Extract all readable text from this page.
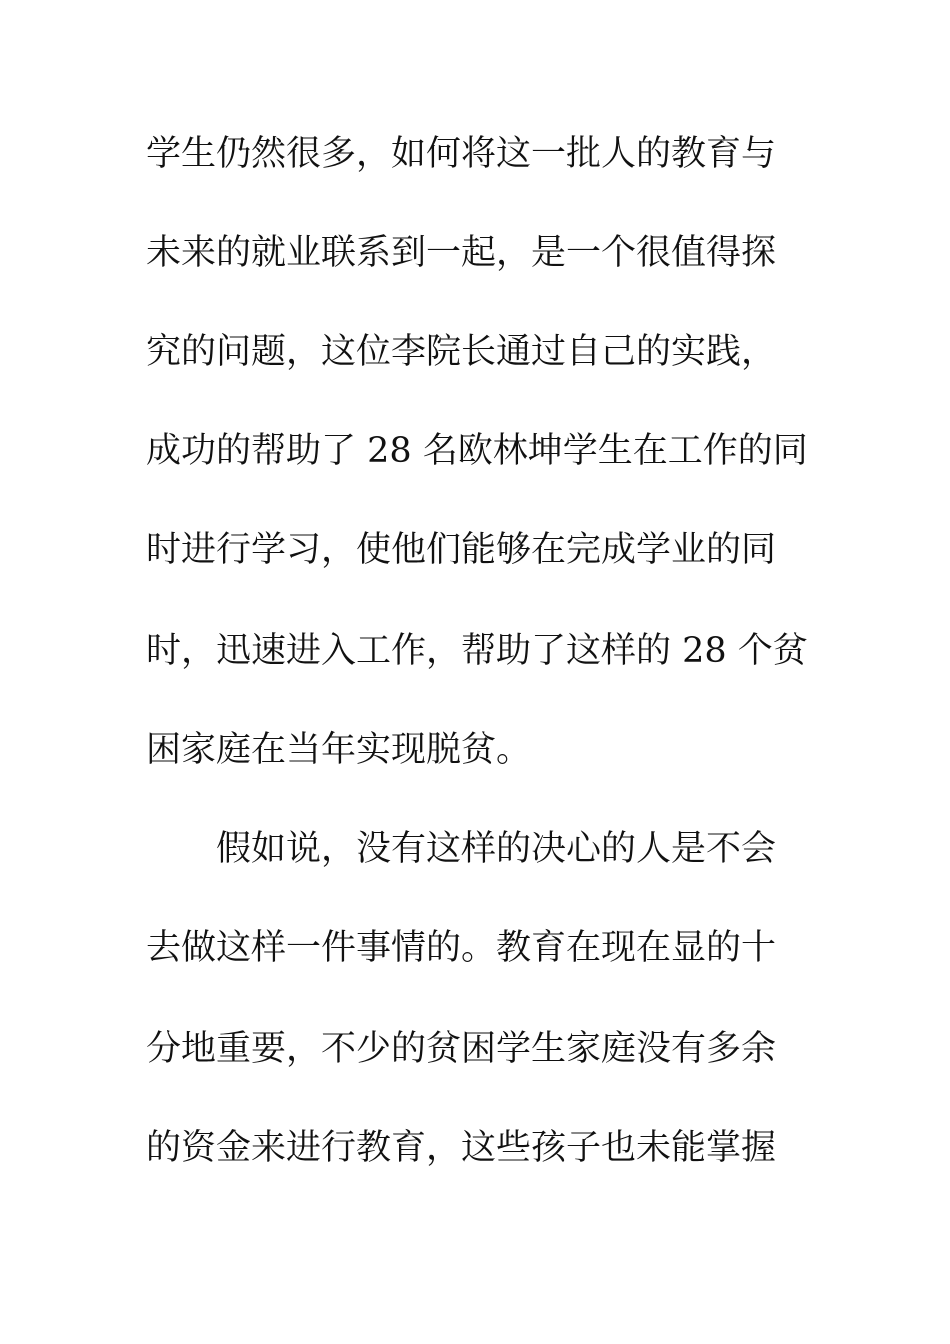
学生仍然很多，如何将这一批人的教育与
未来的就业联系到一起，是一个很值得探
究的问题，这位李院长通过自己的实践，
成功的帮助了 28 名欧林坤学生在工作的同
时进行学习，使他们能够在完成学业的同
时，迅速进入工作，帮助了这样的 28 个贫
困家庭在当年实现脱贫。
假如说，没有这样的决心的人是不会
去做这样一件事情的。教育在现在显的十
分地重要，不少的贫困学生家庭没有多余
的资金来进行教育，这些孩子也未能掌握
